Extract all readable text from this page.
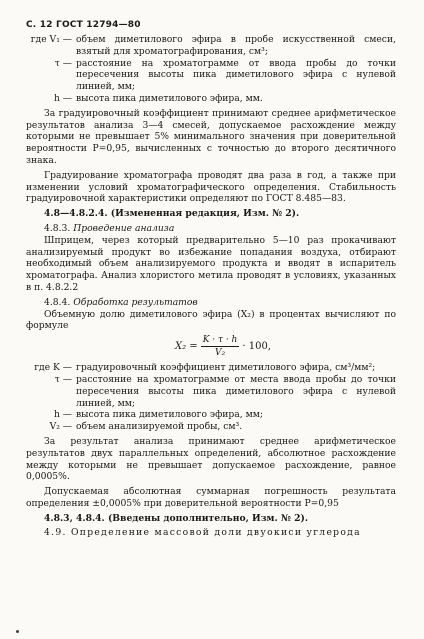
С. 12 ГОСТ 12794—80
где V₁ — объем диметилового эфира в пробе искусственной смеси, взятый для хроматографирования, см³;
τ — расстояние на хроматограмме от ввода пробы до точки пересечения высоты пика диметилового эфира с нулевой линией, мм;
h — высота пика диметилового эфира, мм.

За градуировочный коэффициент принимают среднее арифметическое результатов анализа 3—4 смесей, допускаемое расхождение между которыми не превышает 5% минимального значения при доверительной вероятности P=0,95, вычисленных с точностью до второго десятичного знака.

Градуирование хроматографа проводят два раза в год, а также при изменении условий хроматографического определения. Стабильность градуировочной характеристики определяют по ГОСТ 8.485—83.

4.8—4.8.2.4. (Измененная редакция, Изм. № 2).

4.8.3. Проведение анализа

Шприцем, через который предварительно 5—10 раз прокачивают анализируемый продукт во избежание попадания воздуха, отбирают необходимый объем анализируемого продукта и вводят в испаритель хроматографа. Анализ хлористого метила проводят в условиях, указанных в п. 4.8.2.2

4.8.4. Обработка результатов

Объемную долю диметилового эфира (X₂) в процентах вычисляют по формуле

$X_2 = \frac{K \cdot \tau \cdot h}{\text{V₂}} \cdot 100$,
где K — градуировочный коэффициент диметилового эфира, см³/мм²;
τ — расстояние на хроматограмме от места ввода пробы до точки пересечения высоты пика диметилового эфира с нулевой линией, мм;
h — высота пика диметилового эфира, мм;
V₂ — объем анализируемой пробы, см³.

За результат анализа принимают среднее арифметическое результатов двух параллельных определений, абсолютное расхождение между которыми не превышает допускаемое расхождение, равное 0,0005%.

Допускаемая абсолютная суммарная погрешность результата определения ±0,0005% при доверительной вероятности P=0,95

4.8.3, 4.8.4. (Введены дополнительно, Изм. № 2).

4.9. Определение массовой доли двуокиси углерода
